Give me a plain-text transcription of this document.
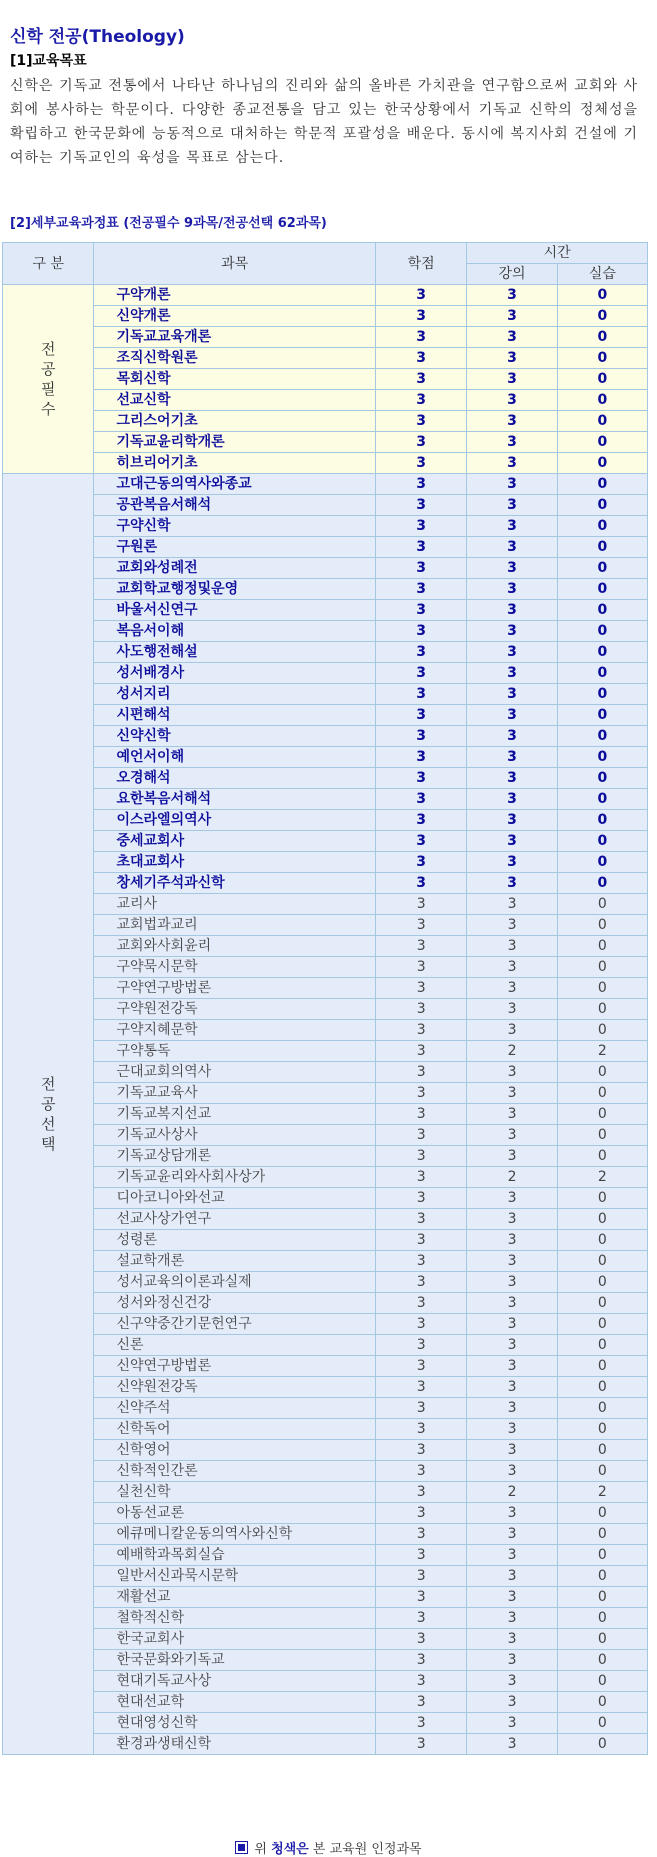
신학 전공(Theology)
[1]교육목표
신학은 기독교 전통에서 나타난 하나님의 진리와 삶의 올바른 가치관을 연구함으로써 교회와 사회에 봉사하는 학문이다. 다양한 종교전통을 담고 있는 한국상황에서 기독교 신학의 정체성을 확립하고 한국문화에 능동적으로 대처하는 학문적 포괄성을 배운다. 동시에 복지사회 건설에 기여하는 기독교인의 육성을 목표로 삼는다.
[2]세부교육과정표 (전공필수 9과목/전공선택 62과목)
구 분	과목	학점	시간	
			강의	실습
전
공
필
수	구약개론	3	3	0
	신약개론	3	3	0
	기독교교육개론	3	3	0
	조직신학원론	3	3	0
	목회신학	3	3	0
	선교신학	3	3	0
	그리스어기초	3	3	0
	기독교윤리학개론	3	3	0
	히브리어기초	3	3	0
전
공
선
택	고대근동의역사와종교	3	3	0
	공관복음서해석	3	3	0
	구약신학	3	3	0
	구원론	3	3	0
	교회와성례전	3	3	0
	교회학교행정및운영	3	3	0
	바울서신연구	3	3	0
	복음서이해	3	3	0
	사도행전해설	3	3	0
	성서배경사	3	3	0
	성서지리	3	3	0
	시편해석	3	3	0
	신약신학	3	3	0
	예언서이해	3	3	0
	오경해석	3	3	0
	요한복음서해석	3	3	0
	이스라엘의역사	3	3	0
	중세교회사	3	3	0
	초대교회사	3	3	0
	창세기주석과신학	3	3	0
	교리사	3	3	0
	교회법과교리	3	3	0
	교회와사회윤리	3	3	0
	구약묵시문학	3	3	0
	구약연구방법론	3	3	0
	구약원전강독	3	3	0
	구약지혜문학	3	3	0
	구약통독	3	2	2
	근대교회의역사	3	3	0
	기독교교육사	3	3	0
	기독교복지선교	3	3	0
	기독교사상사	3	3	0
	기독교상담개론	3	3	0
	기독교윤리와사회사상가	3	2	2
	디아코니아와선교	3	3	0
	선교사상가연구	3	3	0
	성령론	3	3	0
	설교학개론	3	3	0
	성서교육의이론과실제	3	3	0
	성서와정신건강	3	3	0
	신구약중간기문헌연구	3	3	0
	신론	3	3	0
	신약연구방법론	3	3	0
	신약원전강독	3	3	0
	신약주석	3	3	0
	신학독어	3	3	0
	신학영어	3	3	0
	신학적인간론	3	3	0
	실천신학	3	2	2
	아동선교론	3	3	0
	에큐메니칼운동의역사와신학	3	3	0
	예배학과목회실습	3	3	0
	일반서신과묵시문학	3	3	0
	재활선교	3	3	0
	철학적신학	3	3	0
	한국교회사	3	3	0
	한국문화와기독교	3	3	0
	현대기독교사상	3	3	0
	현대선교학	3	3	0
	현대영성신학	3	3	0
	환경과생태신학	3	3	0
위 청색은 본 교육원 인정과목
